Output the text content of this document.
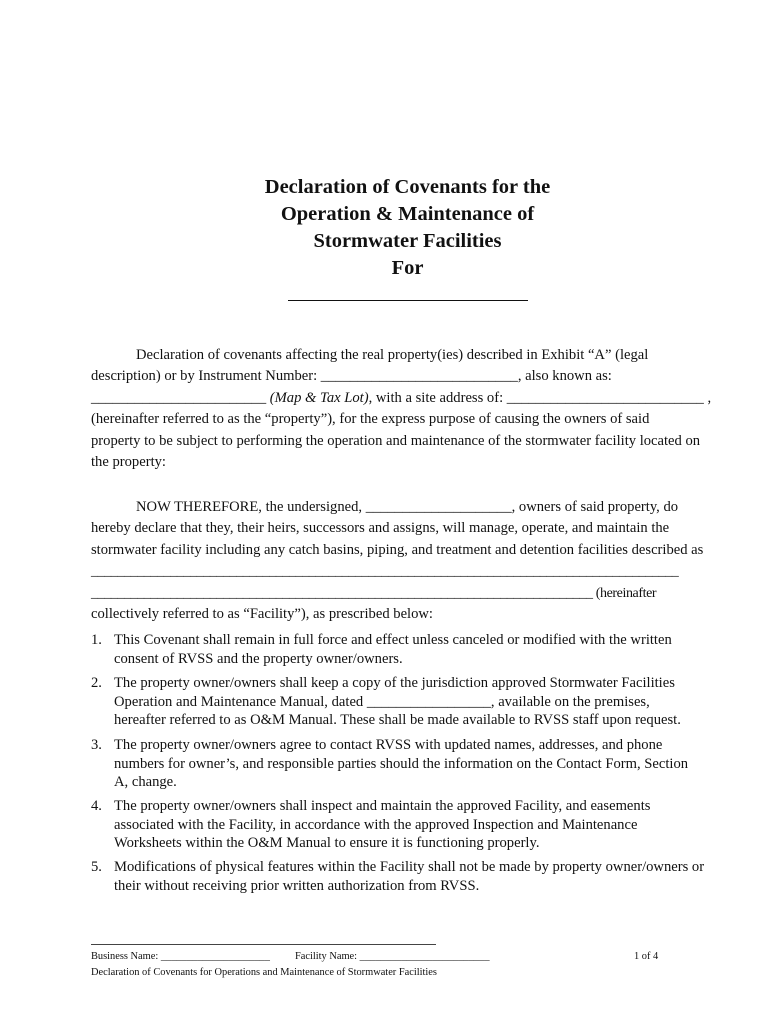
Declaration of Covenants for the
Operation & Maintenance of
Stormwater Facilities
For
Declaration of covenants affecting the real property(ies) described in Exhibit “A” (legal
description) or by Instrument Number: ___________________________, also known as:
________________________ (Map & Tax Lot), with a site address of: ___________________________ ,
(hereinafter referred to as the “property”), for the express purpose of causing the owners of said
property to be subject to performing the operation and maintenance of the stormwater facility located on
the property:
NOW THEREFORE, the undersigned, ____________________, owners of said property, do
hereby declare that they, their heirs, successors and assigns, will manage, operate, and maintain the
stormwater facility including any catch basins, piping, and treatment and detention facilities described as
_________________________________________________________________________________________
____________________________________________________________________________ (hereinafter
collectively referred to as “Facility”), as prescribed below:
1. This Covenant shall remain in full force and effect unless canceled or modified with the written
consent of RVSS and the property owner/owners.
2. The property owner/owners shall keep a copy of the jurisdiction approved Stormwater Facilities
Operation and Maintenance Manual, dated _________________, available on the premises,
hereafter referred to as O&M Manual. These shall be made available to RVSS staff upon request.
3. The property owner/owners agree to contact RVSS with updated names, addresses, and phone
numbers for owner’s, and responsible parties should the information on the Contact Form, Section
A, change.
4. The property owner/owners shall inspect and maintain the approved Facility, and easements
associated with the Facility, in accordance with the approved Inspection and Maintenance
Worksheets within the O&M Manual to ensure it is functioning properly.
5. Modifications of physical features within the Facility shall not be made by property owner/owners or
their without receiving prior written authorization from RVSS.
Business Name: _____________________ Facility Name: _________________________	1 of 4
Declaration of Covenants for Operations and Maintenance of Stormwater Facilities
